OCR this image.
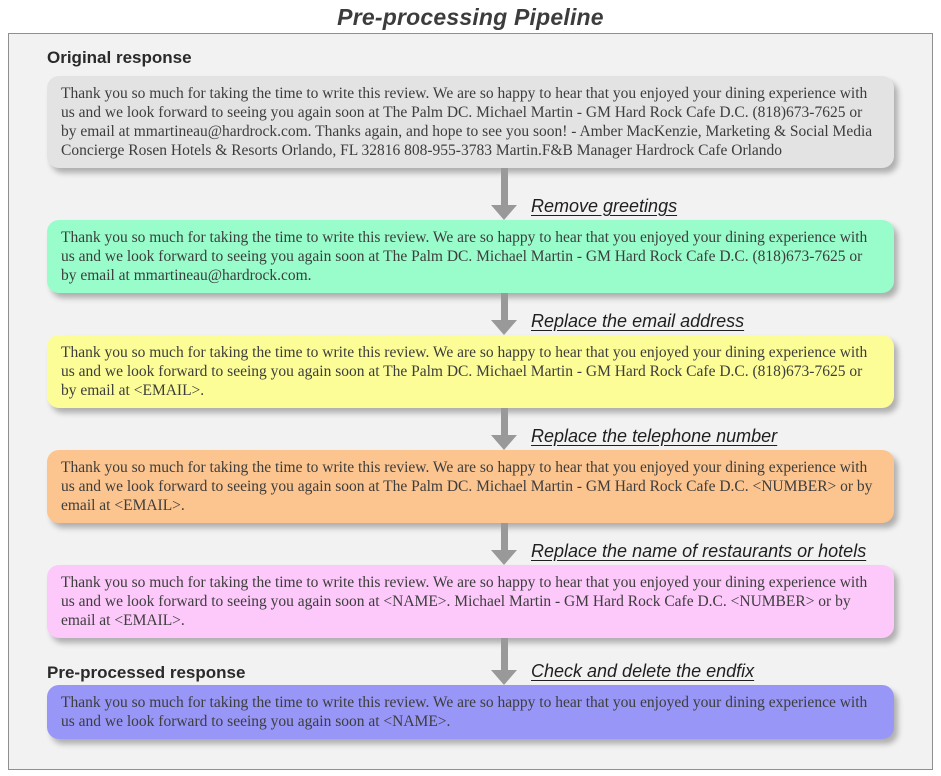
Pre-processing Pipeline
Original response

Thank you so much for taking the time to write this review. We are so happy to hear that you enjoyed your dining experience with us and we look forward to seeing you again soon at The Palm DC. Michael Martin - GM Hard Rock Cafe D.C. (818)673-7625 or by email at mmartineau@hardrock.com. Thanks again, and hope to see you soon! - Amber MacKenzie, Marketing & Social Media Concierge Rosen Hotels & Resorts Orlando, FL 32816 808-955-3783 Martin.F&B Manager Hardrock Cafe Orlando

Remove greetings

Thank you so much for taking the time to write this review. We are so happy to hear that you enjoyed your dining experience with us and we look forward to seeing you again soon at The Palm DC. Michael Martin - GM Hard Rock Cafe D.C. (818)673-7625 or by email at mmartineau@hardrock.com.

Replace the email address

Thank you so much for taking the time to write this review. We are so happy to hear that you enjoyed your dining experience with us and we look forward to seeing you again soon at The Palm DC. Michael Martin - GM Hard Rock Cafe D.C. (818)673-7625 or by email at <EMAIL>.

Replace the telephone number

Thank you so much for taking the time to write this review. We are so happy to hear that you enjoyed your dining experience with us and we look forward to seeing you again soon at The Palm DC. Michael Martin - GM Hard Rock Cafe D.C. <NUMBER> or by email at <EMAIL>.

Replace the name of restaurants or hotels

Thank you so much for taking the time to write this review. We are so happy to hear that you enjoyed your dining experience with us and we look forward to seeing you again soon at <NAME>. Michael Martin - GM Hard Rock Cafe D.C. <NUMBER> or by email at <EMAIL>.

Pre-processed response	Check and delete the endfix

Thank you so much for taking the time to write this review. We are so happy to hear that you enjoyed your dining experience with us and we look forward to seeing you again soon at <NAME>.
